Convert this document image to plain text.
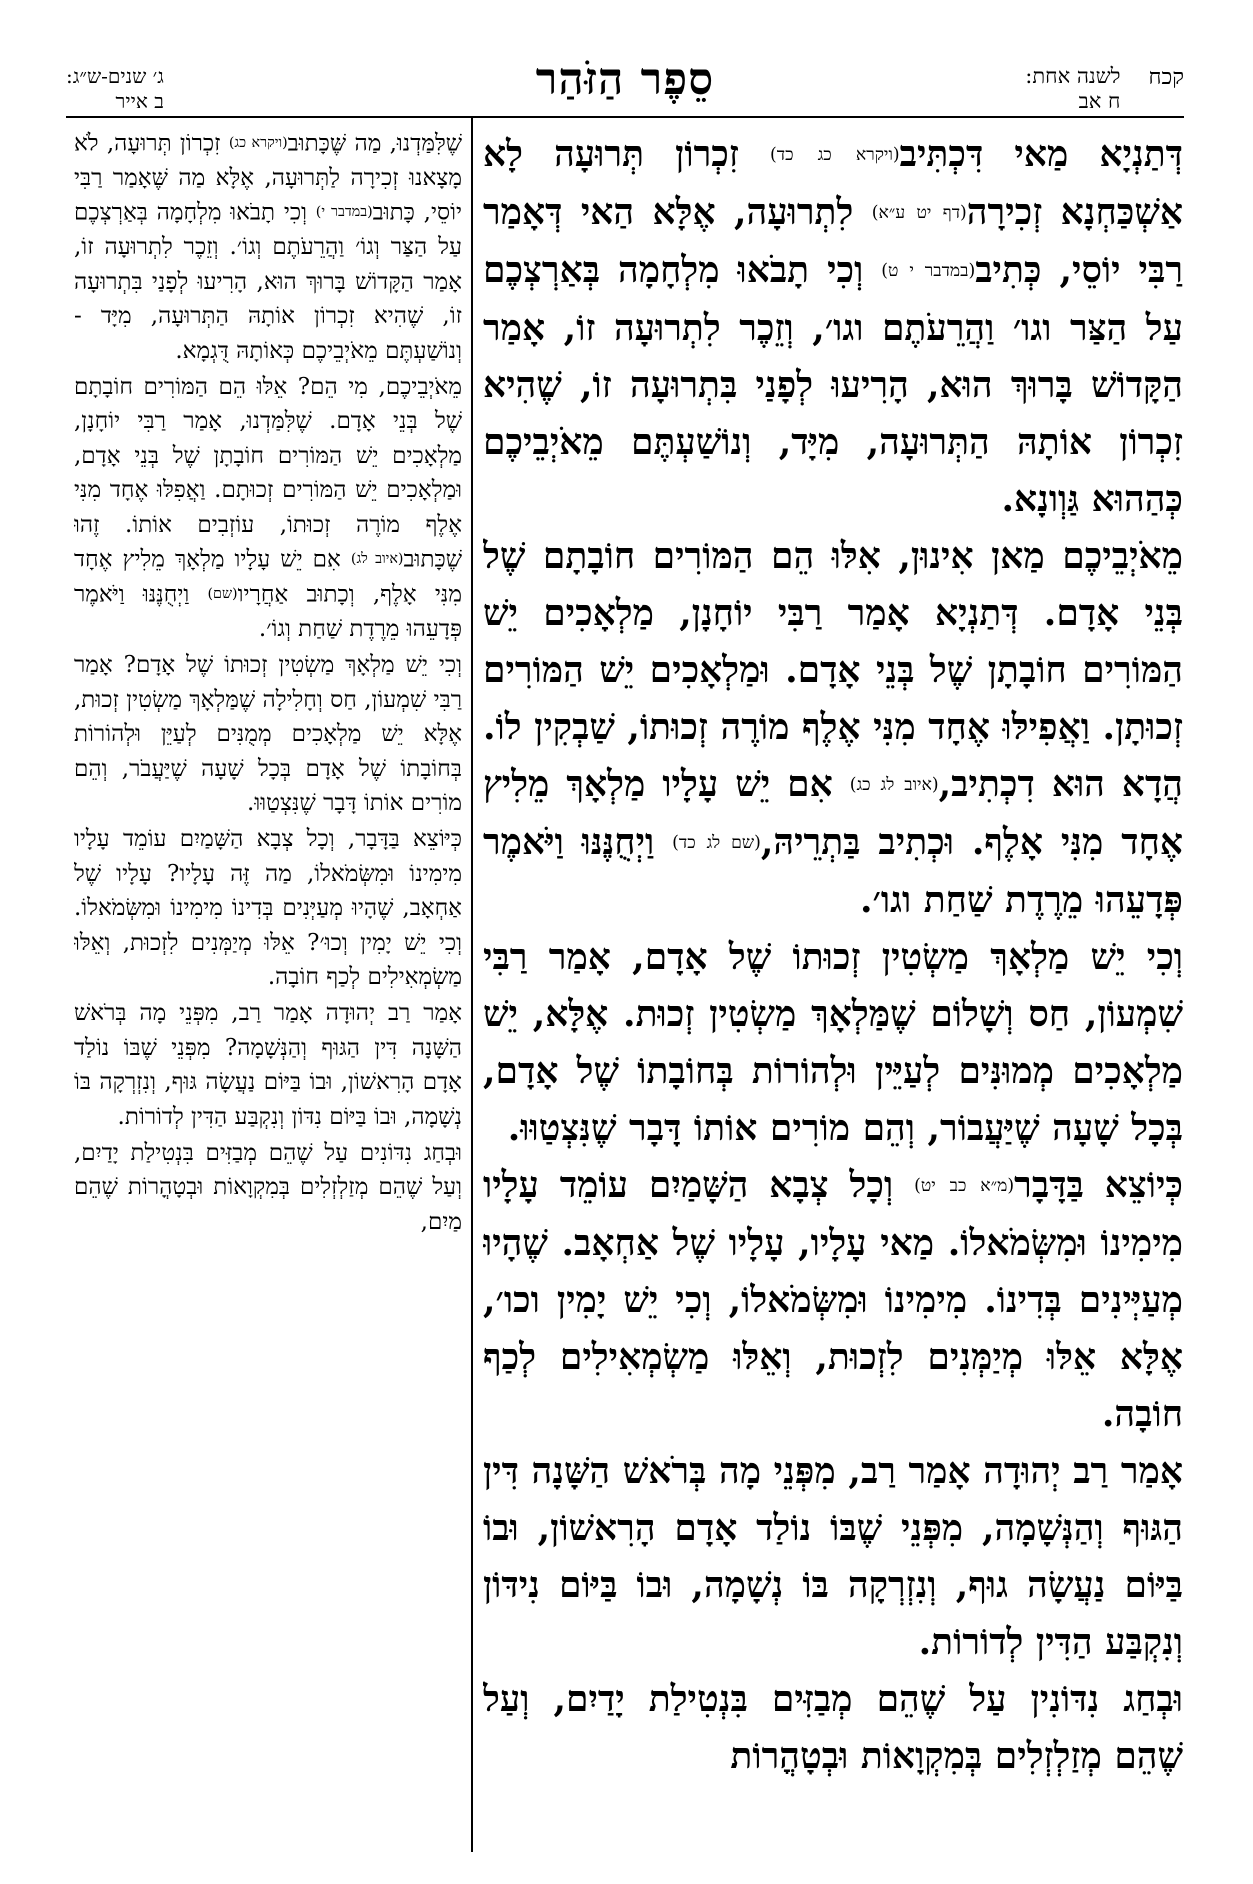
קכח
לשנה אחת:
ח אב
סֵפֶר הַזֹּהַר
ג׳ שנים-ש״ג:
ב אייר

דְּתַנְיָא מַאי דִּכְתִּיב(ויקרא כג כד) זִכְרוֹן תְּרוּעָה לָא אַשְׁכַּחְנָא זְכִירָה(דף יט ע״א) לִתְרוּעָה, אֶלָּא הַאי דְּאָמַר רַבִּי יוֹסֵי, כְּתִיב(במדבר י ט) וְכִי תָבֹאוּ מִלְחָמָה בְּאַרְצְכֶם עַל הַצַּר וגו׳ וַהֲרֵעֹתֶם וגו׳, וְזֵכֶר לִתְרוּעָה זוֹ, אָמַר הַקָּדוֹשׁ בָּרוּךְ הוּא, הָרִיעוּ לְפָנַי בִּתְרוּעָה זוֹ, שֶׁהִיא זִכְרוֹן אוֹתָהּ הַתְּרוּעָה, מִיָּד, וְנוֹשַׁעְתֶּם מֵאֹיְבֵיכֶם כְּהַהוּא גַּוְונָא.

מֵאֹיְבֵיכֶם מַאן אִינוּן, אִלּוּ הֵם הַמּוֹרִים חוֹבָתָם שֶׁל בְּנֵי אָדָם. דְּתַנְיָא אָמַר רַבִּי יוֹחָנָן, מַלְאָכִים יֵשׁ הַמּוֹרִים חוֹבָתָן שֶׁל בְּנֵי אָדָם. וּמַלְאָכִים יֵשׁ הַמּוֹרִים זְכוּתָן. וַאֲפִילּוּ אֶחָד מִנִּי אֶלֶף מוֹרֶה זְכוּתוֹ, שַׁבְקִין לוֹ. הֲדָא הוּא דִכְתִיב,(איוב לג כג) אִם יֵשׁ עָלָיו מַלְאָךְ מֵלִיץ אֶחָד מִנִּי אָלֶף. וּכְתִיב בַּתְרֵיהּ,(שם לג כד) וַיְחֻנֶּנּוּ וַיֹּאמֶר פְּדָעֵהוּ מֵרֶדֶת שַׁחַת וגו׳.

וְכִי יֵשׁ מַלְאָךְ מַשְׂטִין זְכוּתוֹ שֶׁל אָדָם, אָמַר רַבִּי שִׁמְעוֹן, חַס וְשָׁלוֹם שֶׁמַּלְאָךְ מַשְׂטִין זְכוּת. אֶלָּא, יֵשׁ מַלְאָכִים מְמוּנִּים לְעַיֵּין וּלְהוֹרוֹת בְּחוֹבָתוֹ שֶׁל אָדָם, בְּכָל שָׁעָה שֶׁיַּעֲבוֹר, וְהֵם מוֹרִים אוֹתוֹ דָּבָר שֶׁנִּצְטַוּוּ.

כְּיוֹצֵא בַּדָּבָר(מ״א כב יט) וְכָל צְבָא הַשָּׁמַיִם עוֹמֵד עָלָיו מִימִינוֹ וּמִשְּׂמֹאלוֹ. מַאי עָלָיו, עָלָיו שֶׁל אַחְאָב. שֶׁהָיוּ מְעַיְּינִים בְּדִינוֹ. מִימִינוֹ וּמִשְּׂמֹאלוֹ, וְכִי יֵשׁ יָמִין וכו׳, אֶלָּא אֵלּוּ מְיַמְּנִים לִזְכוּת, וְאֵלּוּ מַשְׂמְאִילִים לְכַף חוֹבָה.

אָמַר רַב יְהוּדָה אָמַר רַב, מִפְּנֵי מָה בְּרֹאשׁ הַשָּׁנָה דִּין הַגּוּף וְהַנְּשָׁמָה, מִפְּנֵי שֶׁבּוֹ נוֹלַד אָדָם הָרִאשׁוֹן, וּבוֹ בַּיּוֹם נַעֲשָׂה גוּף, וְנִזְרְקָה בּוֹ נְשָׁמָה, וּבוֹ בַּיּוֹם נִידּוֹן וְנִקְבַּע הַדִּין לְדוֹרוֹת.

וּבְחַג נִדּוֹנִין עַל שֶׁהֵם מְבַזִּים בִּנְטִילַת יָדַיִם, וְעַל שֶׁהֵם מְזַלְזְלִים בְּמִקְוָאוֹת וּבְטָהֳרוֹת

שֶׁלִּמַּדְנוּ, מַה שֶּׁכָּתוּב(ויקרא כג) זִכְרוֹן תְּרוּעָה, לֹא מָצָאנוּ זְכִירָה לַתְּרוּעָה, אֶלָּא מַה שֶּׁאָמַר רַבִּי יוֹסֵי, כָּתוּב(במדבר י) וְכִי תָבֹאוּ מִלְחָמָה בְּאַרְצְכֶם עַל הַצַּר וְגוֹ׳ וַהֲרֵעֹתֶם וְגוֹ׳. וְזֵכֶר לִתְרוּעָה זוֹ, אָמַר הַקָּדוֹשׁ בָּרוּךְ הוּא, הָרִיעוּ לְפָנַי בִּתְרוּעָה זוֹ, שֶׁהִיא זִכְרוֹן אוֹתָהּ הַתְּרוּעָה, מִיָּד - וְנוֹשַׁעְתֶּם מֵאֹיְבֵיכֶם כְּאוֹתָהּ דֻּגְמָא.

מֵאֹיְבֵיכֶם, מִי הֵם? אֵלּוּ הֵם הַמּוֹרִים חוֹבָתָם שֶׁל בְּנֵי אָדָם. שֶׁלִּמַּדְנוּ, אָמַר רַבִּי יוֹחָנָן, מַלְאָכִים יֵשׁ הַמּוֹרִים חוֹבָתָן שֶׁל בְּנֵי אָדָם, וּמַלְאָכִים יֵשׁ הַמּוֹרִים זְכוּתָם. וַאֲפִלּוּ אֶחָד מִנִּי אֶלֶף מוֹרֶה זְכוּתוֹ, עוֹזְבִים אוֹתוֹ. זֶהוּ שֶׁכָּתוּב(איוב לג) אִם יֵשׁ עָלָיו מַלְאָךְ מֵלִיץ אֶחָד מִנִּי אָלֶף, וְכָתוּב אַחֲרָיו(שם) וַיְחֻנֶּנּוּ וַיֹּאמֶר פְּדָעֵהוּ מֵרֶדֶת שַׁחַת וְגוֹ׳.

וְכִי יֵשׁ מַלְאָךְ מַשְׂטִין זְכוּתוֹ שֶׁל אָדָם? אָמַר רַבִּי שִׁמְעוֹן, חַס וְחָלִילָה שֶׁמַּלְאָךְ מַשְׂטִין זְכוּת, אֶלָּא יֵשׁ מַלְאָכִים מְמֻנִּים לְעַיֵּן וּלְהוֹרוֹת בְּחוֹבָתוֹ שֶׁל אָדָם בְּכָל שָׁעָה שֶׁיַּעֲבֹר, וְהֵם מוֹרִים אוֹתוֹ דָּבָר שֶׁנִּצְטַוּוּ.

כְּיּוֹצֵא בַּדָּבָר, וְכָל צְבָא הַשָּׁמַיִם עוֹמֵד עָלָיו מִימִינוֹ וּמִשְּׂמֹאלוֹ, מַה זֶּה עָלָיו? עָלָיו שֶׁל אַחְאָב, שֶׁהָיוּ מְעַיְּנִים בְּדִינוֹ מִימִינוֹ וּמִשְּׂמֹאלוֹ. וְכִי יֵשׁ יָמִין וְכוּ׳? אֵלּוּ מְיַמְּנִים לִזְכוּת, וְאֵלּוּ מַשְׂמְאִילִים לְכַף חוֹבָה.

אָמַר רַב יְהוּדָה אָמַר רַב, מִפְּנֵי מָה בְּרֹאשׁ הַשָּׁנָה דִּין הַגּוּף וְהַנְּשָׁמָה? מִפְּנֵי שֶׁבּוֹ נוֹלַד אָדָם הָרִאשׁוֹן, וּבוֹ בַּיּוֹם נַעֲשָׂה גּוּף, וְנִזְרְקָה בּוֹ נְשָׁמָה, וּבוֹ בַּיּוֹם נִדּוֹן וְנִקְבַּע הַדִּין לְדוֹרוֹת.

וּבְחַג נִדּוֹנִים עַל שֶׁהֵם מְבַזִּים בִּנְטִילַת יָדַיִם, וְעַל שֶׁהֵם מְזַלְזְלִים בְּמִקְוָאוֹת וּבְטָהֳרוֹת שֶׁהֵם מַיִם,
